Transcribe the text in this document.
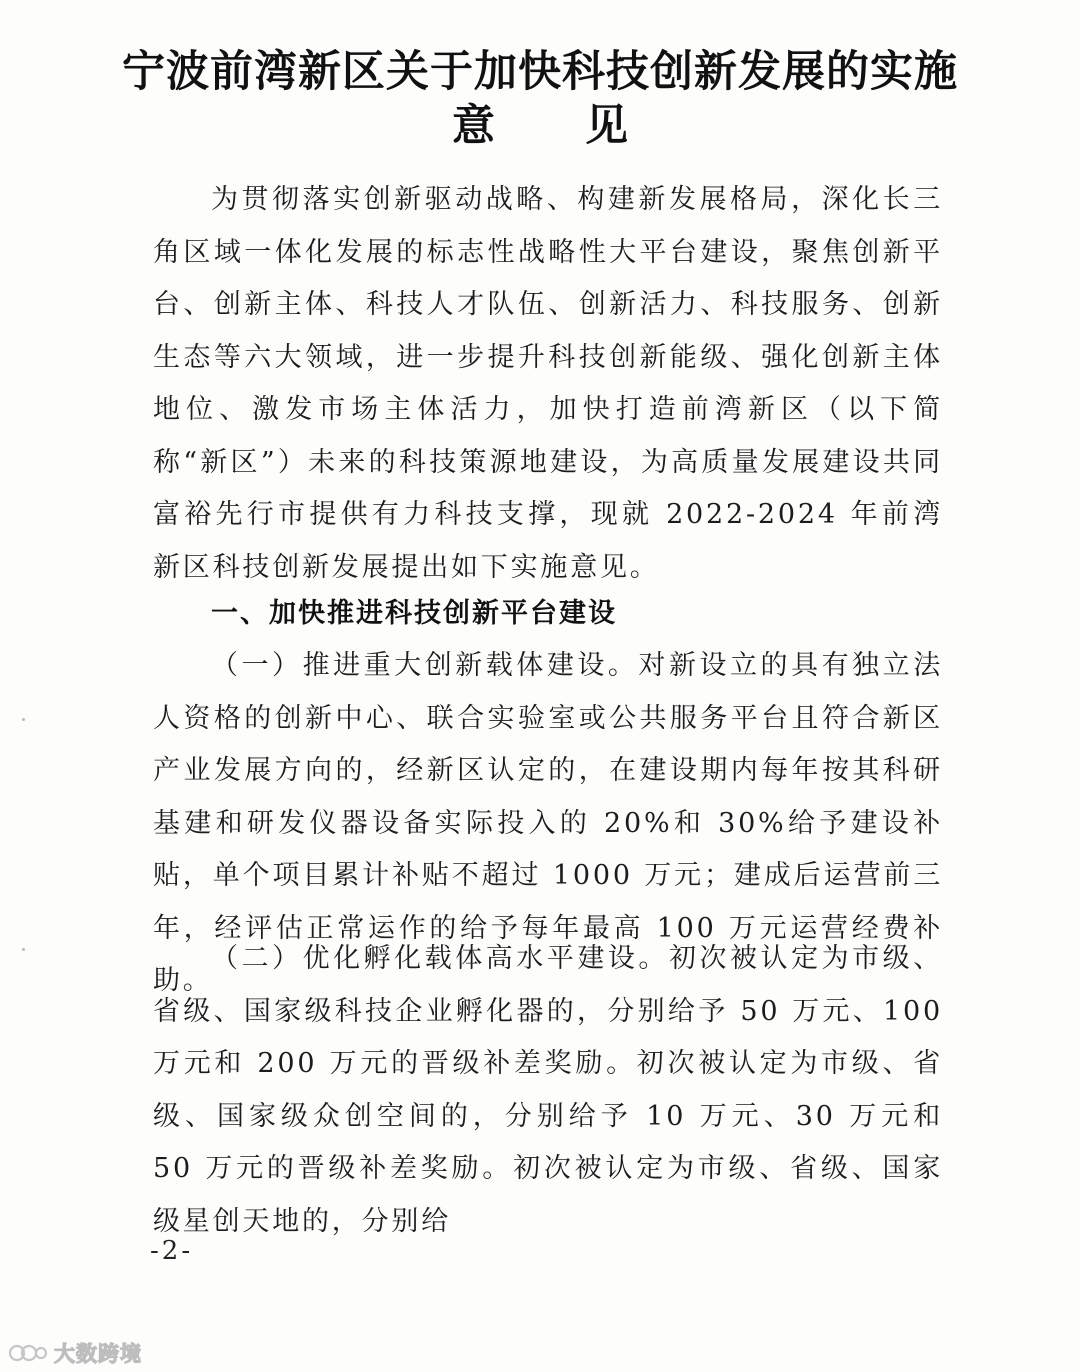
宁波前湾新区关于加快科技创新发展的实施
意 见

为贯彻落实创新驱动战略、构建新发展格局，深化长三角区域一体化发展的标志性战略性大平台建设，聚焦创新平台、创新主体、科技人才队伍、创新活力、科技服务、创新生态等六大领域，进一步提升科技创新能级、强化创新主体地位、激发市场主体活力，加快打造前湾新区（以下简称“新区”）未来的科技策源地建设，为高质量发展建设共同富裕先行市提供有力科技支撑，现就 2022-2024 年前湾新区科技创新发展提出如下实施意见。

一、加快推进科技创新平台建设

（一）推进重大创新载体建设。对新设立的具有独立法人资格的创新中心、联合实验室或公共服务平台且符合新区产业发展方向的，经新区认定的，在建设期内每年按其科研基建和研发仪器设备实际投入的 20%和 30%给予建设补贴，单个项目累计补贴不超过 1000 万元；建成后运营前三年，经评估正常运作的给予每年最高 100 万元运营经费补助。

（二）优化孵化载体高水平建设。初次被认定为市级、省级、国家级科技企业孵化器的，分别给予 50 万元、100 万元和 200 万元的晋级补差奖励。初次被认定为市级、省级、国家级众创空间的，分别给予 10 万元、30 万元和 50 万元的晋级补差奖励。初次被认定为市级、省级、国家级星创天地的，分别给

-2-
大数跨境
